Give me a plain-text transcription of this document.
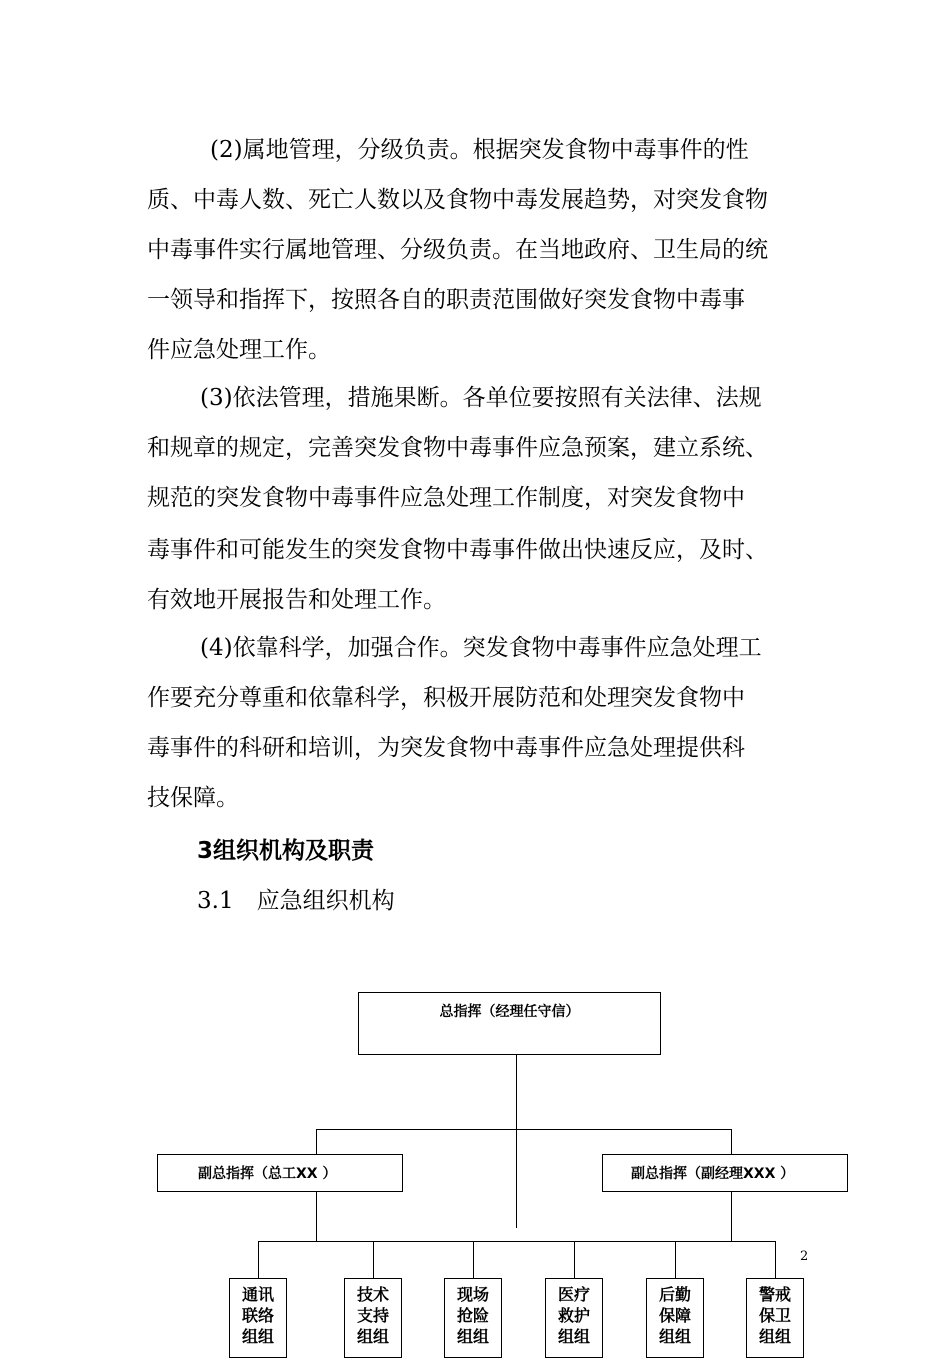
(2)属地管理，分级负责。根据突发食物中毒事件的性
质、中毒人数、死亡人数以及食物中毒发展趋势，对突发食物
中毒事件实行属地管理、分级负责。在当地政府、卫生局的统
一领导和指挥下，按照各自的职责范围做好突发食物中毒事
件应急处理工作。
(3)依法管理，措施果断。各单位要按照有关法律、法规
和规章的规定，完善突发食物中毒事件应急预案，建立系统、
规范的突发食物中毒事件应急处理工作制度，对突发食物中
毒事件和可能发生的突发食物中毒事件做出快速反应，及时、
有效地开展报告和处理工作。
(4)依靠科学，加强合作。突发食物中毒事件应急处理工
作要充分尊重和依靠科学，积极开展防范和处理突发食物中
毒事件的科研和培训，为突发食物中毒事件应急处理提供科
技保障。
3组织机构及职责
3.1　应急组织机构
总指挥（经理任守信）
副总指挥（总工XX ）	副总指挥（副经理XXX ）
通讯
联络
组组
技术
支持
组组
现场
抢险
组组
医疗
救护
组组
后勤
保障
组组
警戒
保卫
组组
2
